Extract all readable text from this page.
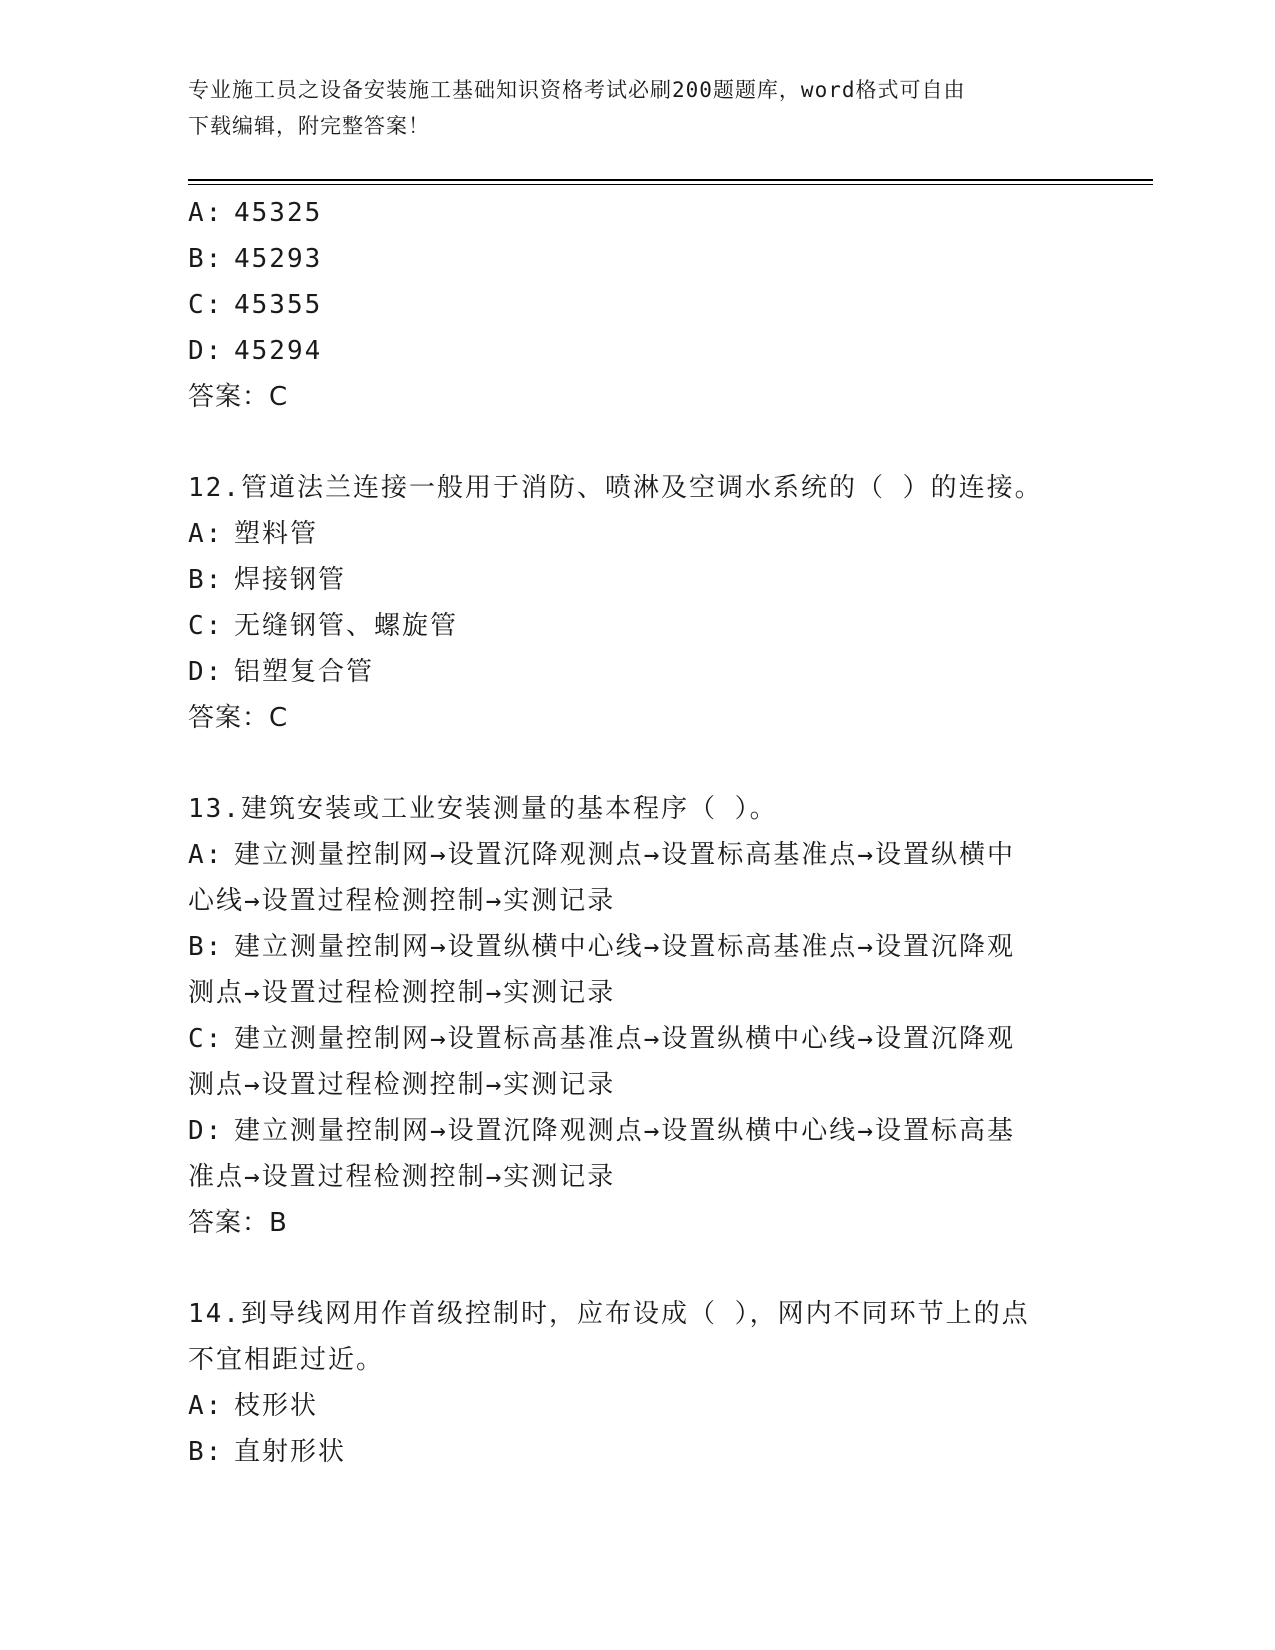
专业施工员之设备安装施工基础知识资格考试必刷200题题库，word格式可自由
下载编辑，附完整答案！
A: 45325
B: 45293
C: 45355
D: 45294
答案：C
12.管道法兰连接一般用于消防、喷淋及空调水系统的（ ）的连接。
A: 塑料管
B: 焊接钢管
C: 无缝钢管、螺旋管
D: 铝塑复合管
答案：C
13.建筑安装或工业安装测量的基本程序（ ）。
A: 建立测量控制网→设置沉降观测点→设置标高基准点→设置纵横中
心线→设置过程检测控制→实测记录
B: 建立测量控制网→设置纵横中心线→设置标高基准点→设置沉降观
测点→设置过程检测控制→实测记录
C: 建立测量控制网→设置标高基准点→设置纵横中心线→设置沉降观
测点→设置过程检测控制→实测记录
D: 建立测量控制网→设置沉降观测点→设置纵横中心线→设置标高基
准点→设置过程检测控制→实测记录
答案：B
14.到导线网用作首级控制时，应布设成（ ），网内不同环节上的点
不宜相距过近。
A: 枝形状
B: 直射形状
